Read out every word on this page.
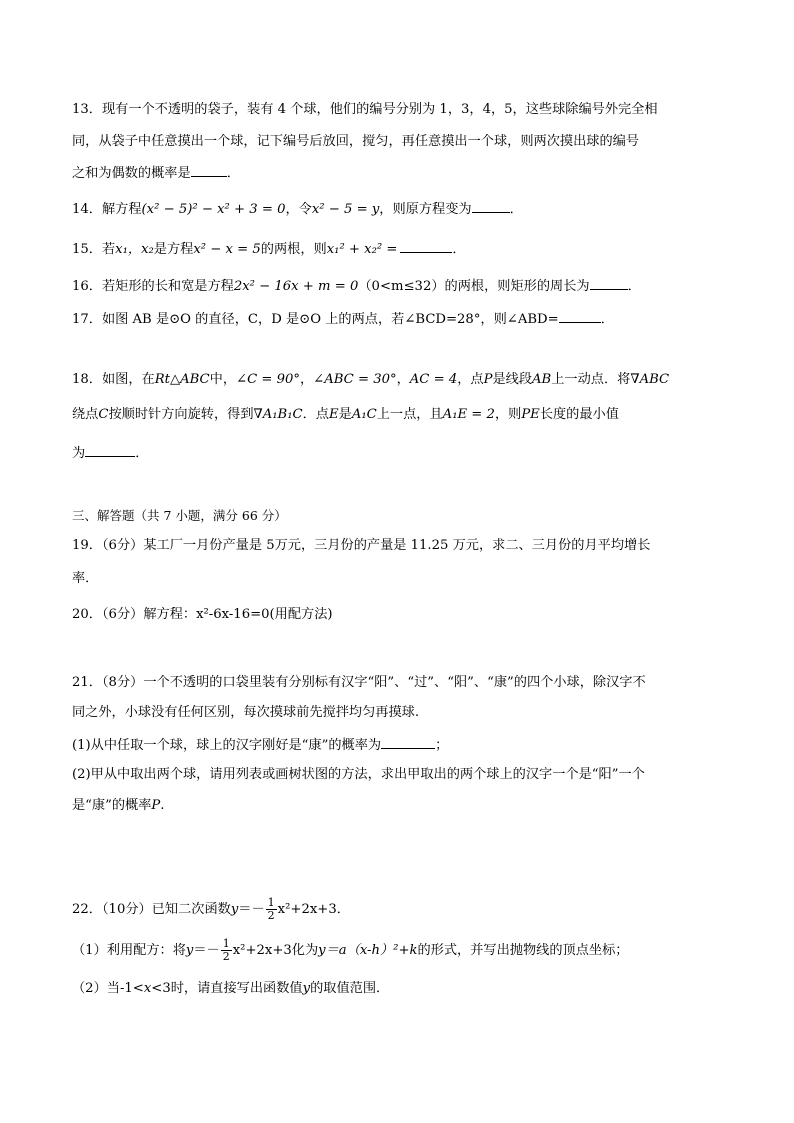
13．现有一个不透明的袋子，装有 4 个球，他们的编号分别为 1，3，4，5，这些球除编号外完全相
同，从袋子中任意摸出一个球，记下编号后放回，搅匀，再任意摸出一个球，则两次摸出球的编号
之和为偶数的概率是	．
14．解方程(x² − 5)² − x² + 3 = 0，令x² − 5 = y，则原方程变为	．
15．若x₁，x₂是方程x² − x = 5的两根，则x₁² + x₂² =	．
16．若矩形的长和宽是方程2x² − 16x + m = 0（0<m≤32）的两根，则矩形的周长为	．
17．如图 AB 是⊙O 的直径，C，D 是⊙O 上的两点，若∠BCD=28°，则∠ABD=	．
18．如图，在Rt△ABC中，∠C = 90°，∠ABC = 30°，AC = 4，点P是线段AB上一动点．将∇ABC
绕点C按顺时针方向旋转，得到∇A₁B₁C．点E是A₁C上一点，且A₁E = 2，则PE长度的最小值
为	．
三、解答题（共 7 小题，满分 66 分）
19．（6分）某工厂一月份产量是 5万元，三月份的产量是 11.25 万元，求二、三月份的月平均增长
率．
20．（6分）解方程：x²-6x-16=0(用配方法)
21．（8分）一个不透明的口袋里装有分别标有汉字“阳”、“过”、“阳”、“康”的四个小球，除汉字不
同之外，小球没有任何区别，每次摸球前先搅拌均匀再摸球.
(1)从中任取一个球，球上的汉字刚好是“康”的概率为	；
(2)甲从中取出两个球，请用列表或画树状图的方法，求出甲取出的两个球上的汉字一个是“阳”一个
是“康”的概率P.
22．（10分）已知二次函数$y=- \frac{1}{2} x^2+2x+3$．
（1）利用配方：将$y=- \frac{1}{2} x^2+2x+3$化为y＝a（x-h）²+k的形式，并写出抛物线的顶点坐标；
（2）当-1<x<3时，请直接写出函数值y的取值范围．
